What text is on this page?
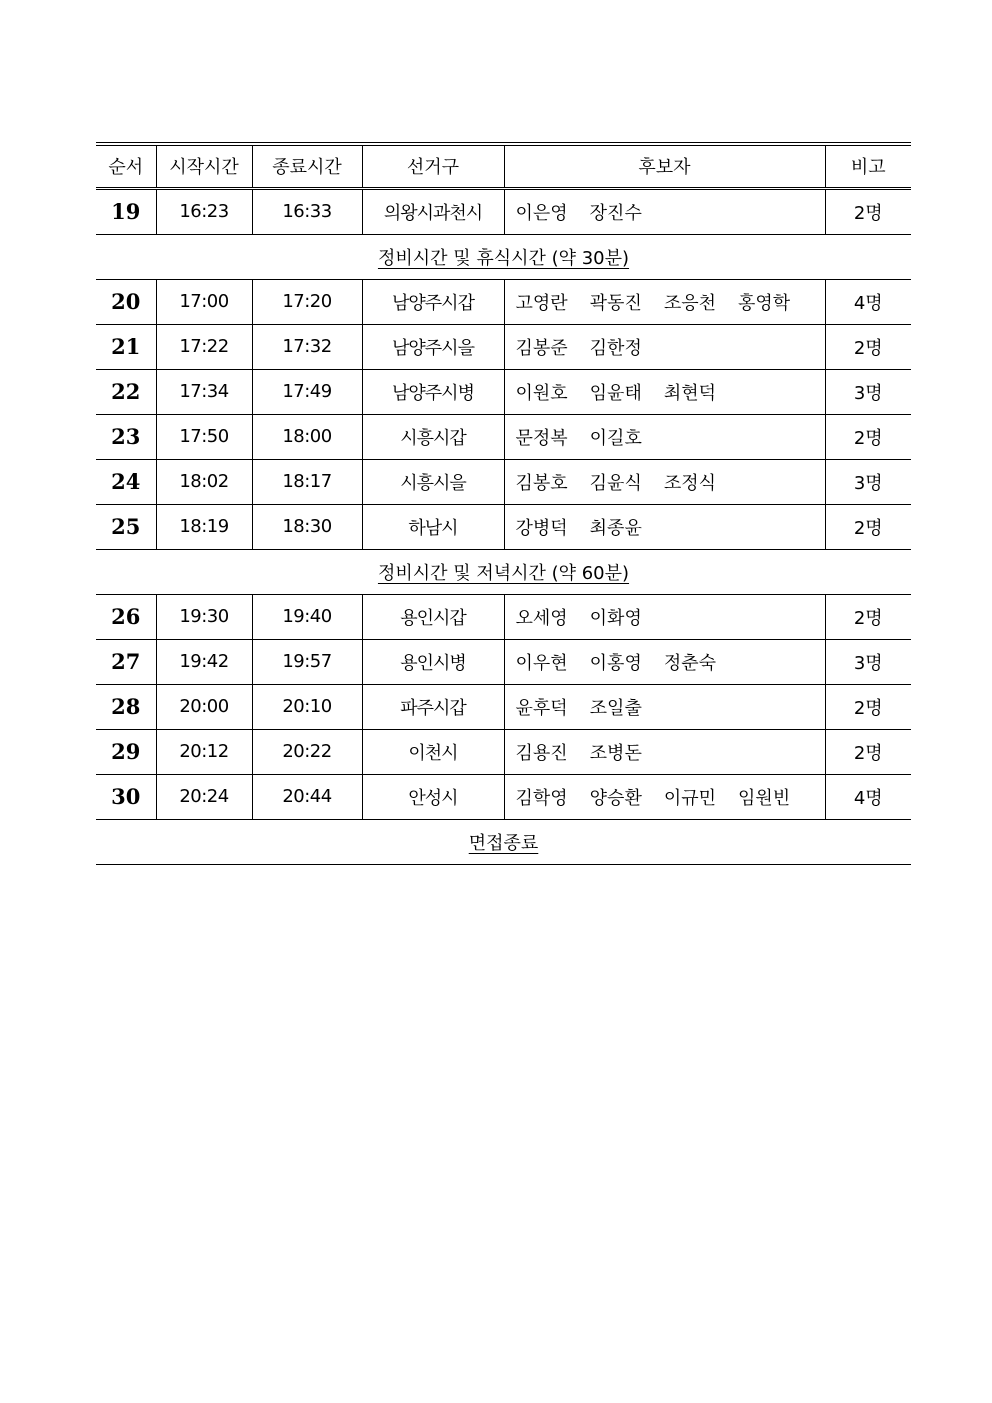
순서	시작시간	종료시간	선거구	후보자	비고
19	16:23	16:33	의왕시과천시	이은영 장진수	2명
정비시간 및 휴식시간 (약 30분)					
20	17:00	17:20	남양주시갑	고영란 곽동진 조응천 홍영학	4명
21	17:22	17:32	남양주시을	김봉준 김한정	2명
22	17:34	17:49	남양주시병	이원호 임윤태 최현덕	3명
23	17:50	18:00	시흥시갑	문정복 이길호	2명
24	18:02	18:17	시흥시을	김봉호 김윤식 조정식	3명
25	18:19	18:30	하남시	강병덕 최종윤	2명
정비시간 및 저녁시간 (약 60분)					
26	19:30	19:40	용인시갑	오세영 이화영	2명
27	19:42	19:57	용인시병	이우현 이홍영 정춘숙	3명
28	20:00	20:10	파주시갑	윤후덕 조일출	2명
29	20:12	20:22	이천시	김용진 조병돈	2명
30	20:24	20:44	안성시	김학영 양승환 이규민 임원빈	4명
면접종료					
